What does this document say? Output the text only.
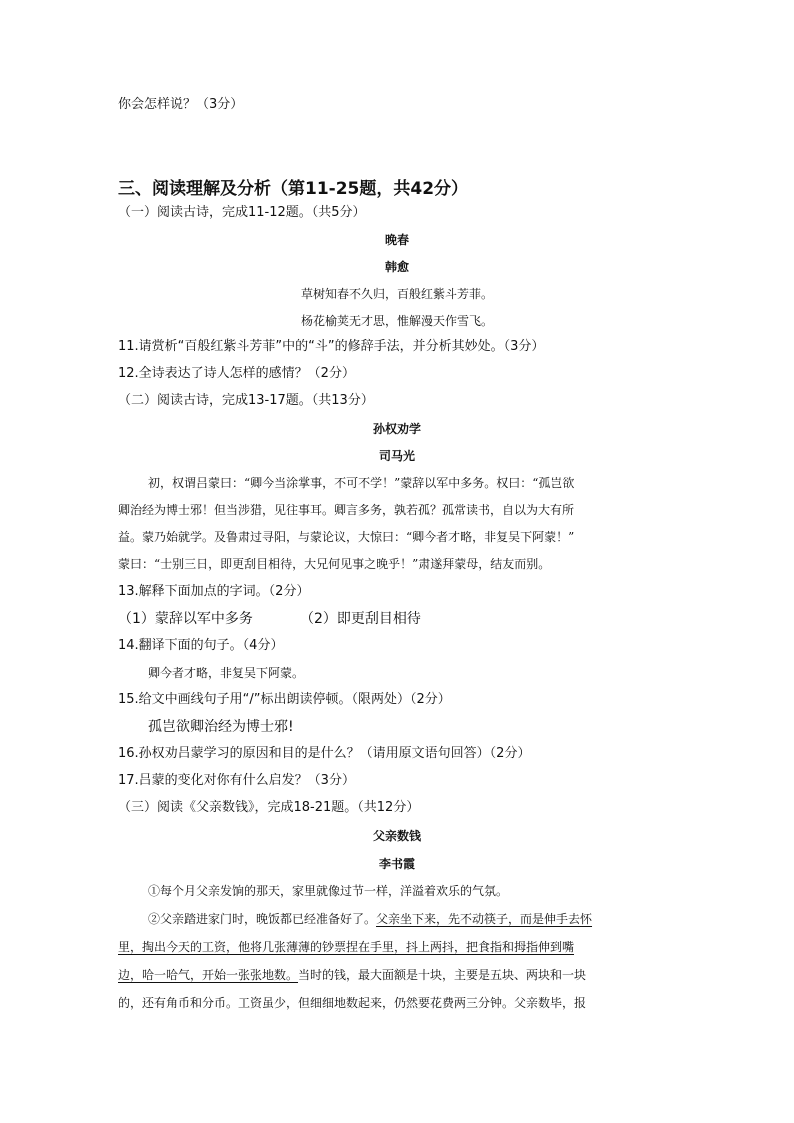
你会怎样说？（3分）
三、阅读理解及分析（第11-25题，共42分）
（一）阅读古诗，完成11-12题。（共5分）
晚春
韩愈
草树知春不久归，百般红紫斗芳菲。
杨花榆荚无才思，惟解漫天作雪飞。
11.请赏析“百般红紫斗芳菲”中的“斗”的修辞手法，并分析其妙处。（3分）
12.全诗表达了诗人怎样的感情？（2分）
（二）阅读古诗，完成13-17题。（共13分）
孙权劝学
司马光
初，权谓吕蒙曰：“卿今当涂掌事，不可不学！”蒙辞以军中多务。权曰：“孤岂欲
卿治经为博士邪！但当涉猎，见往事耳。卿言多务，孰若孤？孤常读书，自以为大有所
益。蒙乃始就学。及鲁肃过寻阳，与蒙论议，大惊曰：“卿今者才略，非复吴下阿蒙！”
蒙曰：“士别三日，即更刮目相待，大兄何见事之晚乎！”肃遂拜蒙母，结友而别。
13.解释下面加点的字词。（2分）
（1）蒙辞以军中多务	（2）即更刮目相待
14.翻译下面的句子。（4分）
卿今者才略，非复吴下阿蒙。
15.给文中画线句子用“/”标出朗读停顿。（限两处）（2分）
孤岂欲卿治经为博士邪!
16.孙权劝吕蒙学习的原因和目的是什么？（请用原文语句回答）（2分）
17.吕蒙的变化对你有什么启发？（3分）
（三）阅读《父亲数钱》，完成18-21题。（共12分）
父亲数钱
李书霞
①每个月父亲发饷的那天，家里就像过节一样，洋溢着欢乐的气氛。
②父亲踏进家门时，晚饭都已经准备好了。父亲坐下来，先不动筷子，而是伸手去怀
里，掏出今天的工资，他将几张薄薄的钞票捏在手里，抖上两抖，把食指和拇指伸到嘴
边，哈一哈气，开始一张张地数。当时的钱，最大面额是十块，主要是五块、两块和一块
的，还有角币和分币。工资虽少，但细细地数起来，仍然要花费两三分钟。父亲数毕，报
